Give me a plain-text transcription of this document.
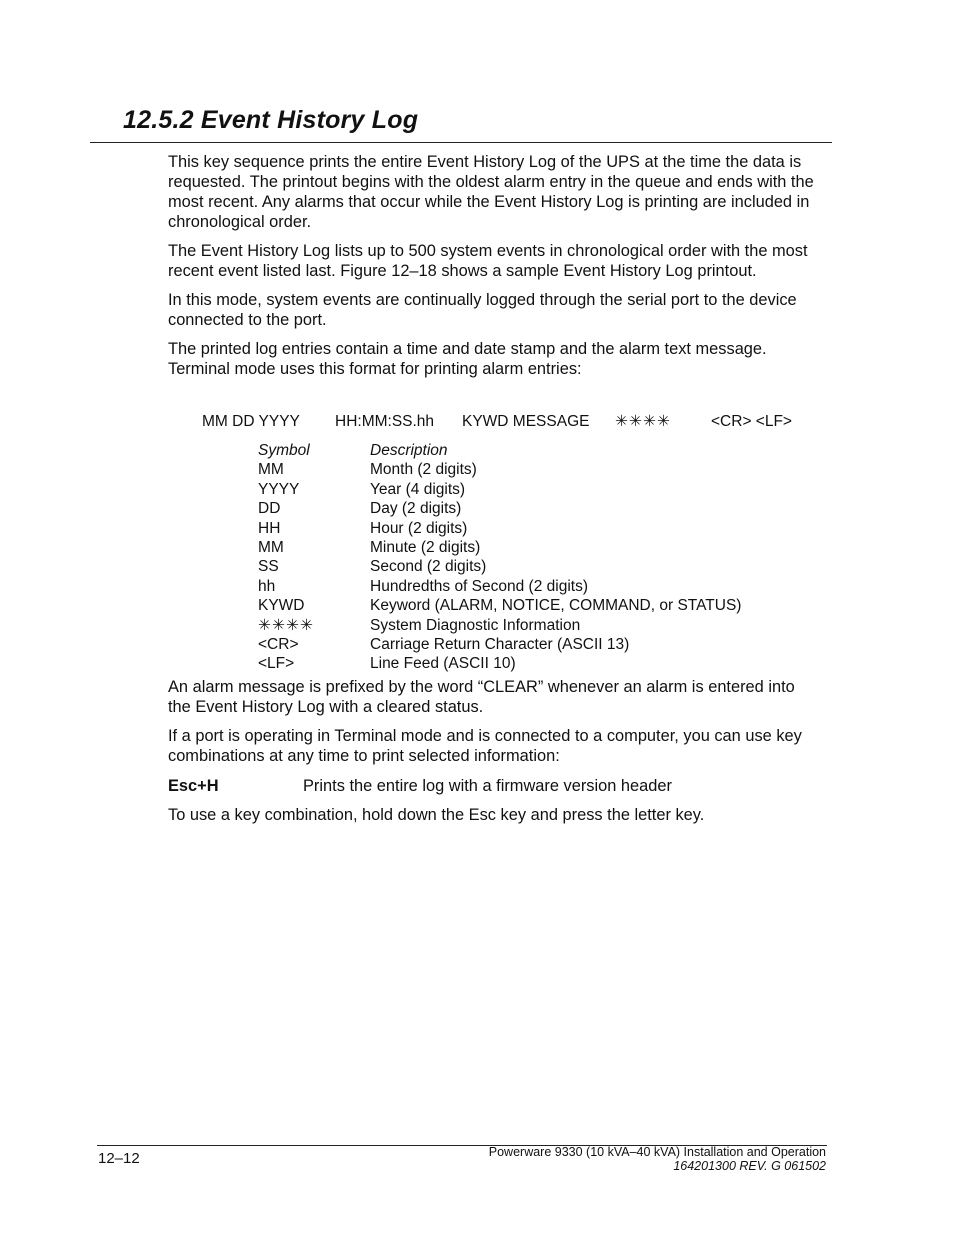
12.5.2 Event History Log

This key sequence prints the entire Event History Log of the UPS at the time the data is requested. The printout begins with the oldest alarm entry in the queue and ends with the most recent. Any alarms that occur while the Event History Log is printing are included in chronological order.

The Event History Log lists up to 500 system events in chronological order with the most recent event listed last. Figure 12–18 shows a sample Event History Log printout.

In this mode, system events are continually logged through the serial port to the device connected to the port.

The printed log entries contain a time and date stamp and the alarm text message. Terminal mode uses this format for printing alarm entries:

MM DD YYYY HH:MM:SS.hh KYWD MESSAGE ✳✳✳✳	<CR> <LF>
Symbol	Description
MM	Month (2 digits)
YYYY	Year (4 digits)
DD	Day (2 digits)
HH	Hour (2 digits)
MM	Minute (2 digits)
SS	Second (2 digits)
hh	Hundredths of Second (2 digits)
KYWD	Keyword (ALARM, NOTICE, COMMAND, or STATUS)
✳✳✳✳	System Diagnostic Information
<CR>	Carriage Return Character (ASCII 13)
<LF>	Line Feed (ASCII 10)

An alarm message is prefixed by the word “CLEAR” whenever an alarm is entered into the Event History Log with a cleared status.

If a port is operating in Terminal mode and is connected to a computer, you can use key combinations at any time to print selected information:

Esc+H	Prints the entire log with a firmware version header

To use a key combination, hold down the Esc key and press the letter key.

12–12	Powerware 9330 (10 kVA–40 kVA) Installation and Operation
164201300 REV. G 061502
